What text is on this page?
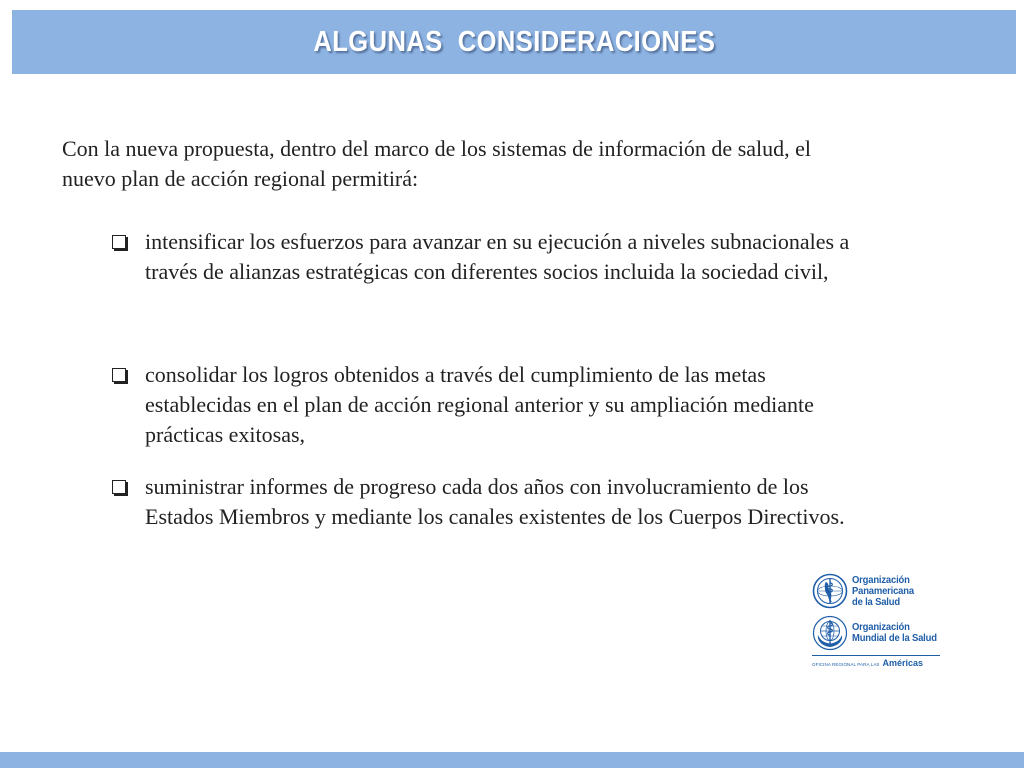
ALGUNAS  CONSIDERACIONES
Con la nueva propuesta, dentro del marco de los sistemas de información de salud, el nuevo plan de acción regional permitirá:
intensificar los esfuerzos para avanzar en su ejecución a niveles subnacionales a través de alianzas estratégicas con diferentes socios incluida la sociedad civil,
consolidar los logros obtenidos a través del cumplimiento de las metas establecidas en el plan de acción regional anterior y su ampliación mediante prácticas exitosas,
suministrar informes de progreso cada dos años con involucramiento de los Estados Miembros y mediante los canales existentes de los Cuerpos Directivos.
Organización
Panamericana
de la Salud
Organización
Mundial de la Salud
OFICINA REGIONAL PARA LAS Américas
